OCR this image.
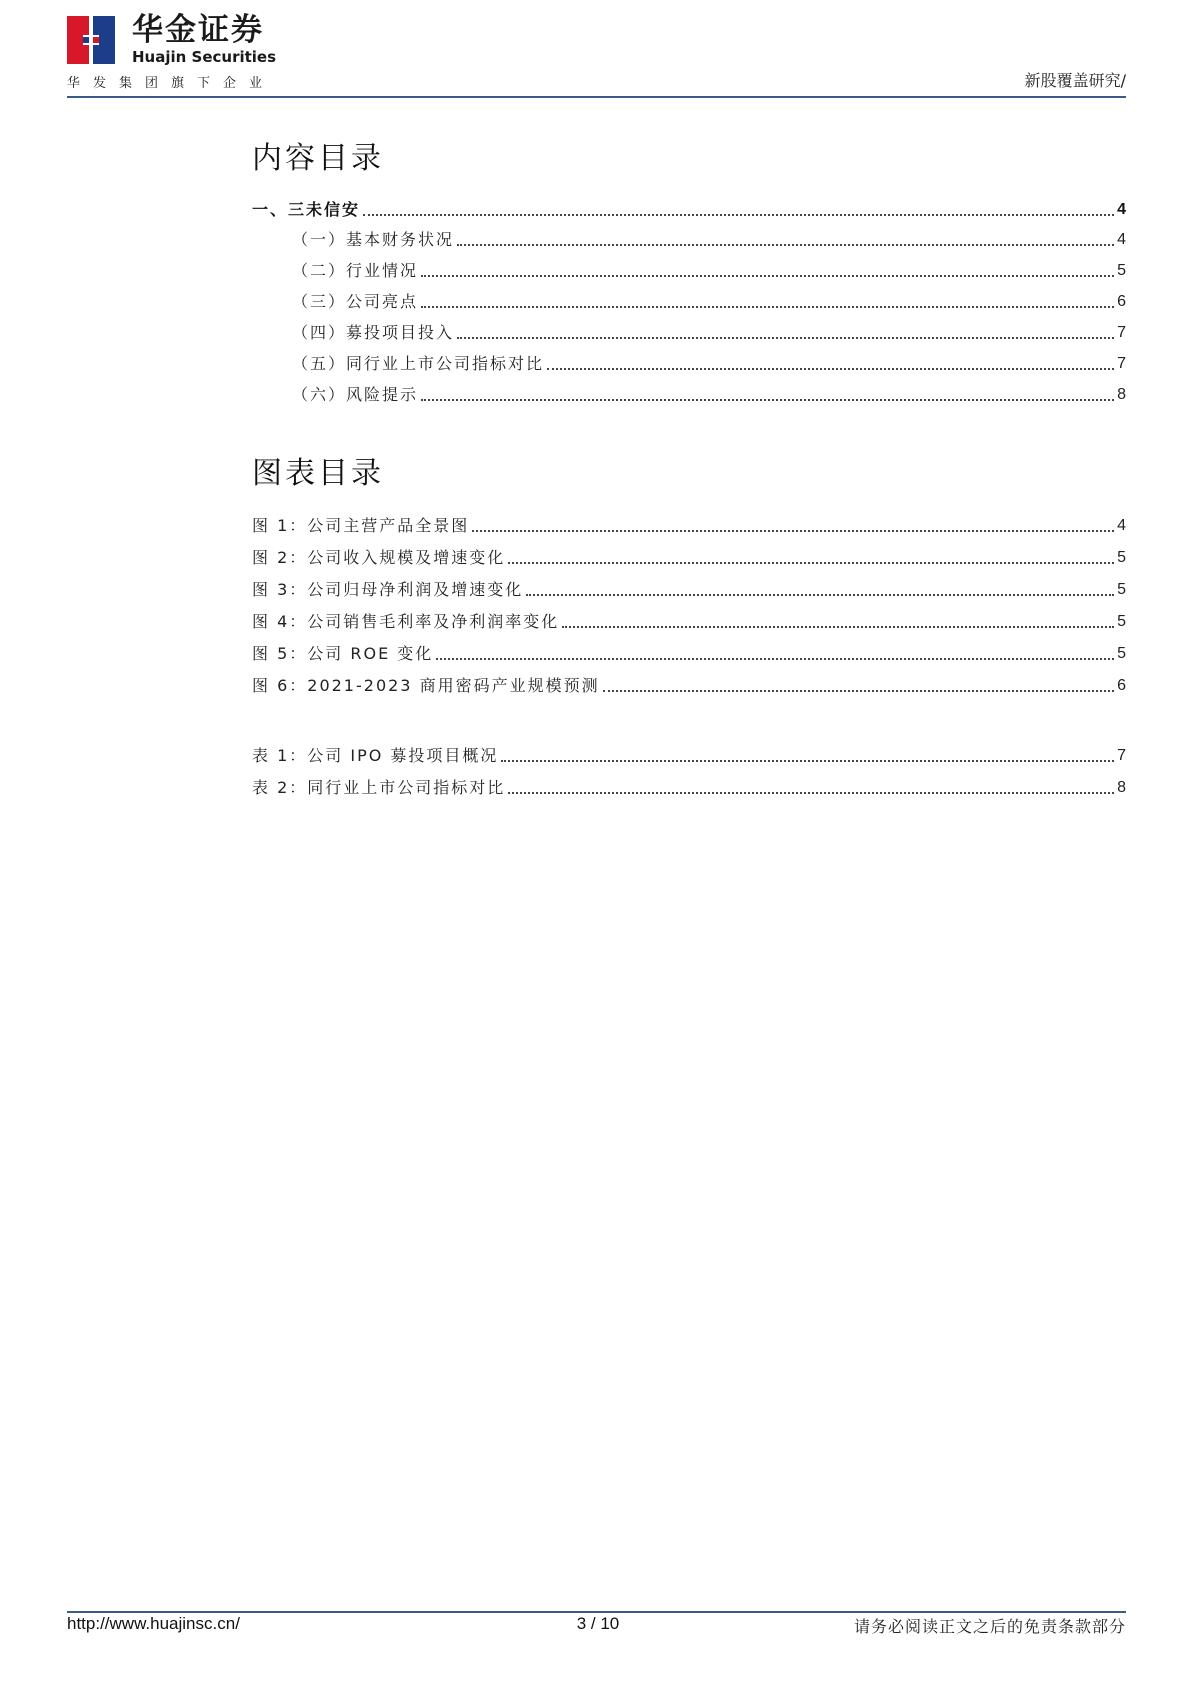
华金证券
Huajin Securities
华发集团旗下企业	新股覆盖研究/
内容目录
一、三未信安	4
（一）基本财务状况	4
（二）行业情况	5
（三）公司亮点	6
（四）募投项目投入	7
（五）同行业上市公司指标对比	7
（六）风险提示	8
图表目录
图 1：公司主营产品全景图	4
图 2：公司收入规模及增速变化	5
图 3：公司归母净利润及增速变化	5
图 4：公司销售毛利率及净利润率变化	5
图 5：公司 ROE 变化	5
图 6：2021-2023 商用密码产业规模预测	6
表 1：公司 IPO 募投项目概况	7
表 2：同行业上市公司指标对比	8
http://www.huajinsc.cn/	3 / 10	请务必阅读正文之后的免责条款部分
